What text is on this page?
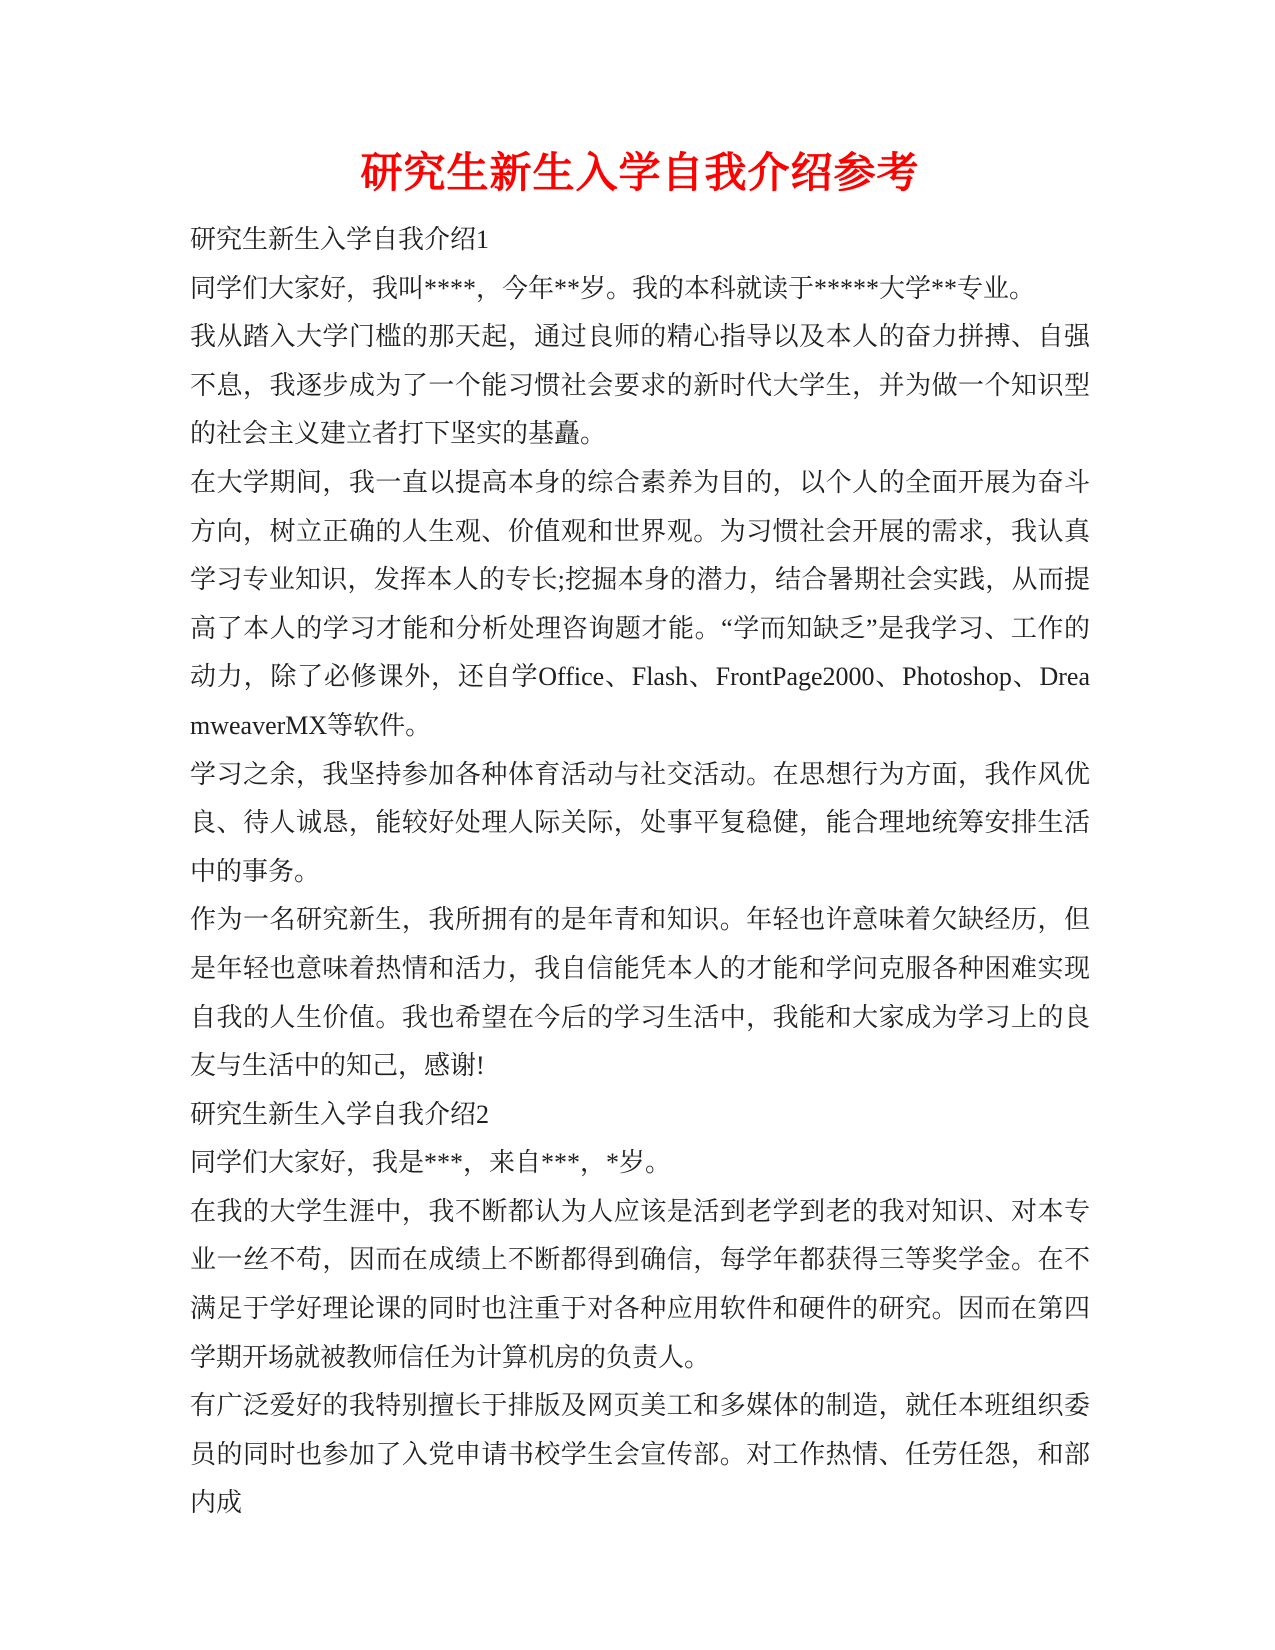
研究生新生入学自我介绍参考

研究生新生入学自我介绍1

同学们大家好，我叫****，今年**岁。我的本科就读于*****大学**专业。

我从踏入大学门槛的那天起，通过良师的精心指导以及本人的奋力拼搏、自强不息，我逐步成为了一个能习惯社会要求的新时代大学生，并为做一个知识型的社会主义建立者打下坚实的基矗。

在大学期间，我一直以提高本身的综合素养为目的，以个人的全面开展为奋斗方向，树立正确的人生观、价值观和世界观。为习惯社会开展的需求，我认真学习专业知识，发挥本人的专长;挖掘本身的潜力，结合暑期社会实践，从而提高了本人的学习才能和分析处理咨询题才能。“学而知缺乏”是我学习、工作的动力，除了必修课外，还自学Office、Flash、FrontPage2000、Photoshop、DreamweaverMX等软件。

学习之余，我坚持参加各种体育活动与社交活动。在思想行为方面，我作风优良、待人诚恳，能较好处理人际关际，处事平复稳健，能合理地统筹安排生活中的事务。

作为一名研究新生，我所拥有的是年青和知识。年轻也许意味着欠缺经历，但是年轻也意味着热情和活力，我自信能凭本人的才能和学问克服各种困难实现自我的人生价值。我也希望在今后的学习生活中，我能和大家成为学习上的良友与生活中的知己，感谢!

研究生新生入学自我介绍2

同学们大家好，我是***，来自***，*岁。

在我的大学生涯中，我不断都认为人应该是活到老学到老的我对知识、对本专业一丝不苟，因而在成绩上不断都得到确信，每学年都获得三等奖学金。在不满足于学好理论课的同时也注重于对各种应用软件和硬件的研究。因而在第四学期开场就被教师信任为计算机房的负责人。

有广泛爱好的我特别擅长于排版及网页美工和多媒体的制造，就任本班组织委员的同时也参加了入党申请书校学生会宣传部。对工作热情、任劳任怨，和部内成
